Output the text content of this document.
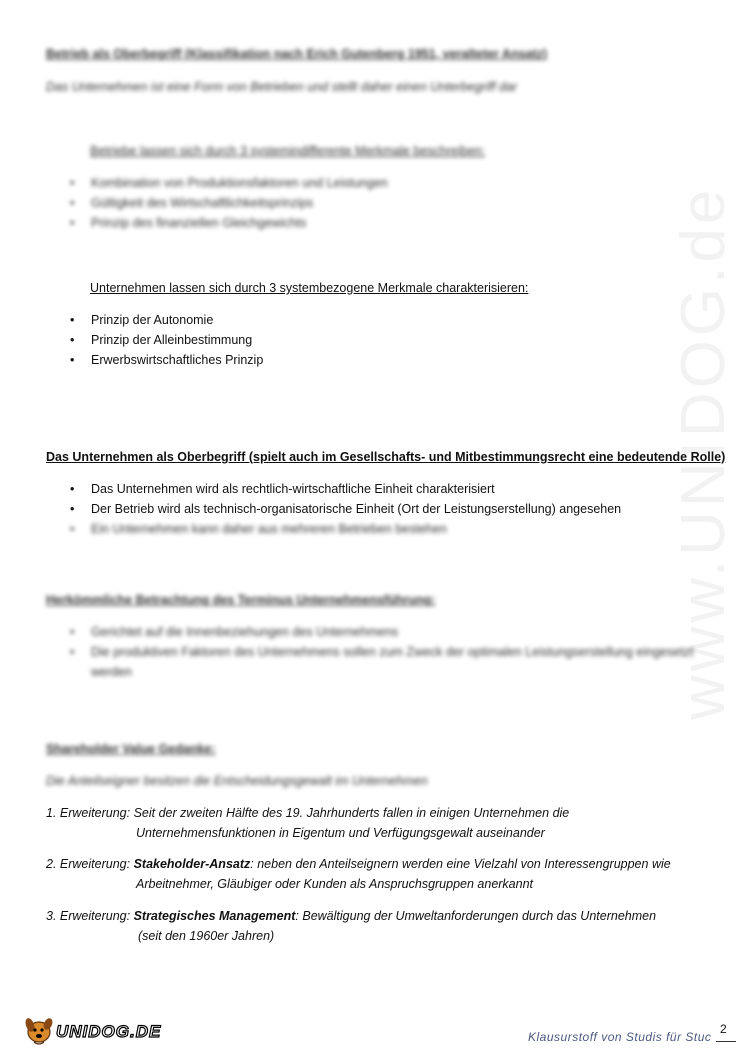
www.UNIDOG.de
Betrieb als Oberbegriff (Klassifikation nach Erich Gutenberg 1951, veralteter Ansatz)
Das Unternehmen ist eine Form von Betrieben und stellt daher einen Unterbegriff dar
Betriebe lassen sich durch 3 systemindifferente Merkmale beschreiben:
• Kombination von Produktionsfaktoren und Leistungen
• Gültigkeit des Wirtschaftlichkeitsprinzips
• Prinzip des finanziellen Gleichgewichts
Unternehmen lassen sich durch 3 systembezogene Merkmale charakterisieren:
• Prinzip der Autonomie
• Prinzip der Alleinbestimmung
• Erwerbswirtschaftliches Prinzip
Das Unternehmen als Oberbegriff (spielt auch im Gesellschafts- und Mitbestimmungsrecht eine bedeutende Rolle)
• Das Unternehmen wird als rechtlich-wirtschaftliche Einheit charakterisiert
• Der Betrieb wird als technisch-organisatorische Einheit (Ort der Leistungserstellung) angesehen
• Ein Unternehmen kann daher aus mehreren Betrieben bestehen
Herkömmliche Betrachtung des Terminus Unternehmensführung:
• Gerichtet auf die Innenbeziehungen des Unternehmens
• Die produktiven Faktoren des Unternehmens sollen zum Zweck der optimalen Leistungserstellung eingesetzt
werden
Shareholder Value Gedanke:
Die Anteilseigner besitzen die Entscheidungsgewalt im Unternehmen
1. Erweiterung: Seit der zweiten Hälfte des 19. Jahrhunderts fallen in einigen Unternehmen die
Unternehmensfunktionen in Eigentum und Verfügungsgewalt auseinander
2. Erweiterung: Stakeholder-Ansatz: neben den Anteilseignern werden eine Vielzahl von Interessengruppen wie
Arbeitnehmer, Gläubiger oder Kunden als Anspruchsgruppen anerkannt
3. Erweiterung: Strategisches Management: Bewältigung der Umweltanforderungen durch das Unternehmen
(seit den 1960er Jahren)
UNIDOG.DE	Klausurstoff von Studis für Stuc
2
